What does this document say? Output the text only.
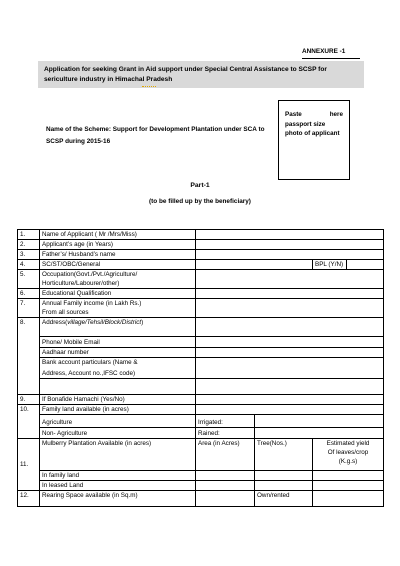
ANNEXURE -1
Application for seeking Grant in Aid support under Special Central Assistance to SCSP for sericulture industry in Himachal Pradesh
Name of the Scheme: Support for Development Plantation under SCA to SCSP during 2015-16
Paste	here
passport size photo of applicant
Part-1
(to be filled up by the beneficiary)
1.	Name of Applicant ( Mr /Mrs/Miss)			
2.	Applicant’s age (in Years)			
3.	Father’s/ Husband’s name			
4.	SC/ST/OBC/General			BPL (Y/N)
5.	Occupation(Govt./Pvt./Agriculture/
Horticulture/Labourer/other)			

6.	Educational Qualification			
7.	Annual Family income (in Lakh Rs.)
From all sources			

8.	Address(village/Tehsil/Block/District)			
	Phone/ Mobile Email			
	Aadhaar number			
	Bank account particulars (Name &			
	Address, Account no.,IFSC code)			

9.	If Bonafide Hamachi (Yes/No)			
10.	Family land available (in acres)			
	Agriculture	Irrigated:		
	Non- Agriculture	Rained:		
11.	Mulberry Plantation Available (in acres)	Area (in Acres)	Tree(Nos.)	Estimated yield
Of leaves/crop
(K.g.s)

	In family land			
	In leased Land			
12.	Rearing Space available (in Sq.m)		Own/rented	
